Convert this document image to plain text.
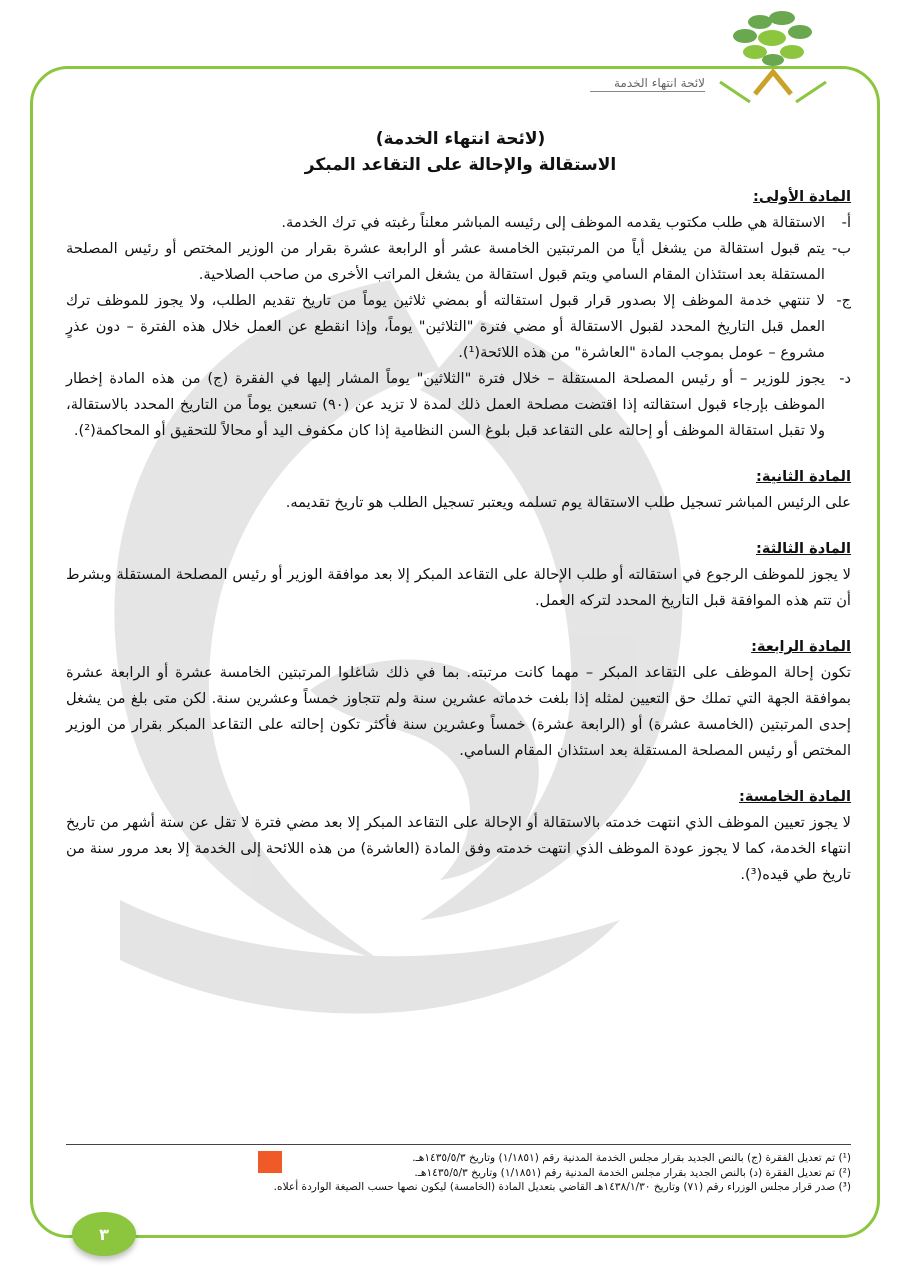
لائحة انتهاء الخدمة
(لائحة انتهاء الخدمة)
الاستقالة والإحالة على التقاعد المبكر

المادة الأولى:

أ-
الاستقالة هي طلب مكتوب يقدمه الموظف إلى رئيسه المباشر معلناً رغبته في ترك الخدمة.
ب-
يتم قبول استقالة من يشغل أياً من المرتبتين الخامسة عشر أو الرابعة عشرة بقرار من الوزير المختص أو رئيس المصلحة المستقلة بعد استئذان المقام السامي ويتم قبول استقالة من يشغل المراتب الأخرى من صاحب الصلاحية.
ج-
لا تنتهي خدمة الموظف إلا بصدور قرار قبول استقالته أو بمضي ثلاثين يوماً من تاريخ تقديم الطلب، ولا يجوز للموظف ترك العمل قبل التاريخ المحدد لقبول الاستقالة أو مضي فترة "الثلاثين" يوماً، وإذا انقطع عن العمل خلال هذه الفترة – دون عذرٍ مشروع – عومل بموجب المادة "العاشرة" من هذه اللائحة(¹).
د-
يجوز للوزير – أو رئيس المصلحة المستقلة – خلال فترة "الثلاثين" يوماً المشار إليها في الفقرة (ج) من هذه المادة إخطار الموظف بإرجاء قبول استقالته إذا اقتضت مصلحة العمل ذلك لمدة لا تزيد عن (٩٠) تسعين يوماً من التاريخ المحدد بالاستقالة، ولا تقبل استقالة الموظف أو إحالته على التقاعد قبل بلوغ السن النظامية إذا كان مكفوف اليد أو محالاً للتحقيق أو المحاكمة(²).

المادة الثانية:

على الرئيس المباشر تسجيل طلب الاستقالة يوم تسلمه ويعتبر تسجيل الطلب هو تاريخ تقديمه.

المادة الثالثة:

لا يجوز للموظف الرجوع في استقالته أو طلب الإحالة على التقاعد المبكر إلا بعد موافقة الوزير أو رئيس المصلحة المستقلة وبشرط أن تتم هذه الموافقة قبل التاريخ المحدد لتركه العمل.

المادة الرابعة:

تكون إحالة الموظف على التقاعد المبكر – مهما كانت مرتبته. بما في ذلك شاغلوا المرتبتين الخامسة عشرة أو الرابعة عشرة بموافقة الجهة التي تملك حق التعيين لمثله إذا بلغت خدماته عشرين سنة ولم تتجاوز خمساً وعشرين سنة. لكن متى بلغ من يشغل إحدى المرتبتين (الخامسة عشرة) أو (الرابعة عشرة) خمساً وعشرين سنة فأكثر تكون إحالته على التقاعد المبكر بقرار من الوزير المختص أو رئيس المصلحة المستقلة بعد استئذان المقام السامي.

المادة الخامسة:

لا يجوز تعيين الموظف الذي انتهت خدمته بالاستقالة أو الإحالة على التقاعد المبكر إلا بعد مضي فترة لا تقل عن ستة أشهر من تاريخ انتهاء الخدمة، كما لا يجوز عودة الموظف الذي انتهت خدمته وفق المادة (العاشرة) من هذه اللائحة إلى الخدمة إلا بعد مرور سنة من تاريخ طي قيده(³).

(¹) تم تعديل الفقرة (ج) بالنص الجديد بقرار مجلس الخدمة المدنية رقم (١/١٨٥١) وتاريخ ١٤٣٥/٥/٣هـ.
(²) تم تعديل الفقرة (د) بالنص الجديد بقرار مجلس الخدمة المدنية رقم (١/١٨٥١) وتاريخ ١٤٣٥/٥/٣هـ.
(³) صدر قرار مجلس الوزراء رقم (٧١) وتاريخ ١٤٣٨/١/٣٠هـ القاضي بتعديل المادة (الخامسة) ليكون نصها حسب الصيغة الواردة أعلاه.
٣
